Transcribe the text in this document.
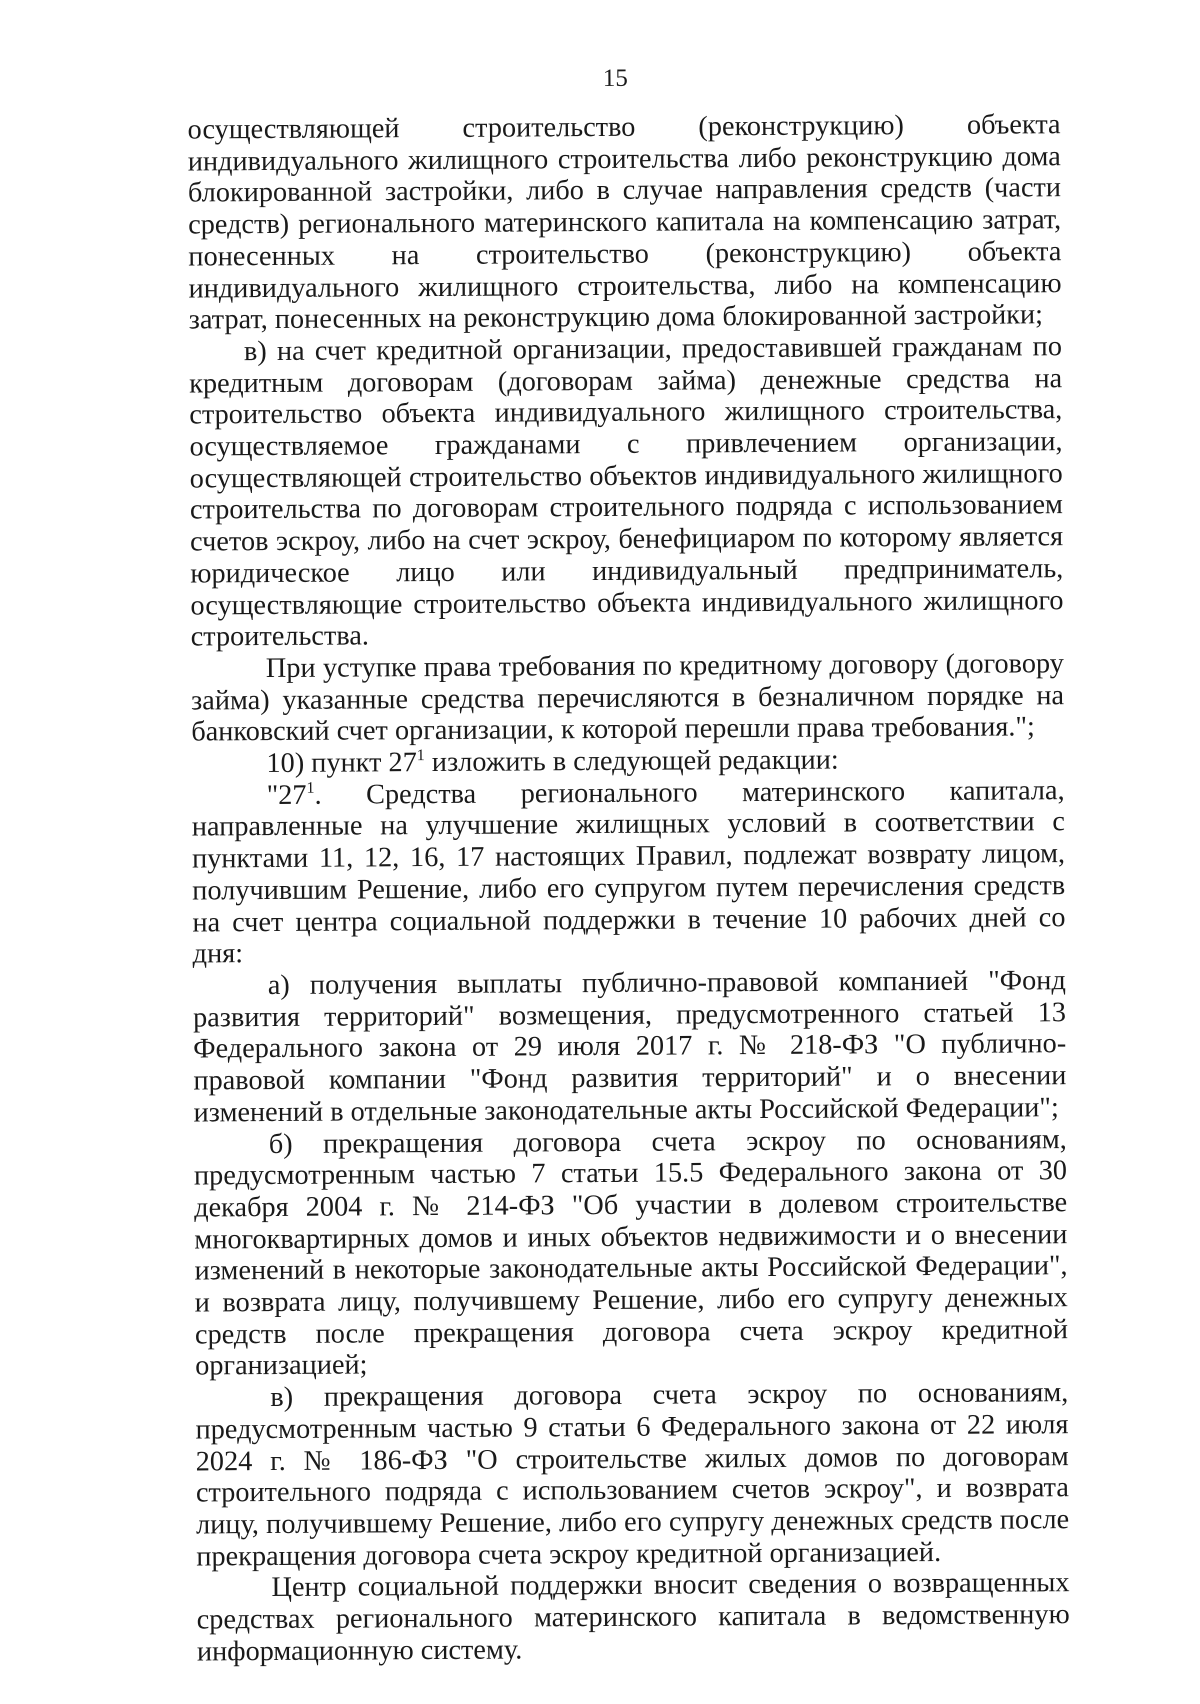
15

осуществляющей строительство (реконструкцию) объекта индивидуального жилищного строительства либо реконструкцию дома блокированной застройки, либо в случае направления средств (части средств) регионального материнского капитала на компенсацию затрат, понесенных на строительство (реконструкцию) объекта индивидуального жилищного строительства, либо на компенсацию затрат, понесенных на реконструкцию дома блокированной застройки;

в) на счет кредитной организации, предоставившей гражданам по кредитным договорам (договорам займа) денежные средства на строительство объекта индивидуального жилищного строительства, осуществляемое гражданами с привлечением организации, осуществляющей строительство объектов индивидуального жилищного строительства по договорам строительного подряда с использованием счетов эскроу, либо на счет эскроу, бенефициаром по которому является юридическое лицо или индивидуальный предприниматель, осуществляющие строительство объекта индивидуального жилищного строительства.

При уступке права требования по кредитному договору (договору займа) указанные средства перечисляются в безналичном порядке на банковский счет организации, к которой перешли права требования.";

10) пункт $27^1$ изложить в следующей редакции:

"$27^1$. Средства регионального материнского капитала, направленные на улучшение жилищных условий в соответствии с пунктами 11, 12, 16, 17 настоящих Правил, подлежат возврату лицом, получившим Решение, либо его супругом путем перечисления средств на счет центра социальной поддержки в течение 10 рабочих дней со дня:

а) получения выплаты публично-правовой компанией "Фонд развития территорий" возмещения, предусмотренного статьей 13 Федерального закона от 29 июля 2017 г. № 218-ФЗ "О публично-правовой компании "Фонд развития территорий" и о внесении изменений в отдельные законодательные акты Российской Федерации";

б) прекращения договора счета эскроу по основаниям, предусмотренным частью 7 статьи 15.5 Федерального закона от 30 декабря 2004 г. № 214-ФЗ "Об участии в долевом строительстве многоквартирных домов и иных объектов недвижимости и о внесении изменений в некоторые законодательные акты Российской Федерации", и возврата лицу, получившему Решение, либо его супругу денежных средств после прекращения договора счета эскроу кредитной организацией;

в) прекращения договора счета эскроу по основаниям, предусмотренным частью 9 статьи 6 Федерального закона от 22 июля 2024 г. № 186-ФЗ "О строительстве жилых домов по договорам строительного подряда с использованием счетов эскроу", и возврата лицу, получившему Решение, либо его супругу денежных средств после прекращения договора счета эскроу кредитной организацией.

Центр социальной поддержки вносит сведения о возвращенных средствах регионального материнского капитала в ведомственную информационную систему.
